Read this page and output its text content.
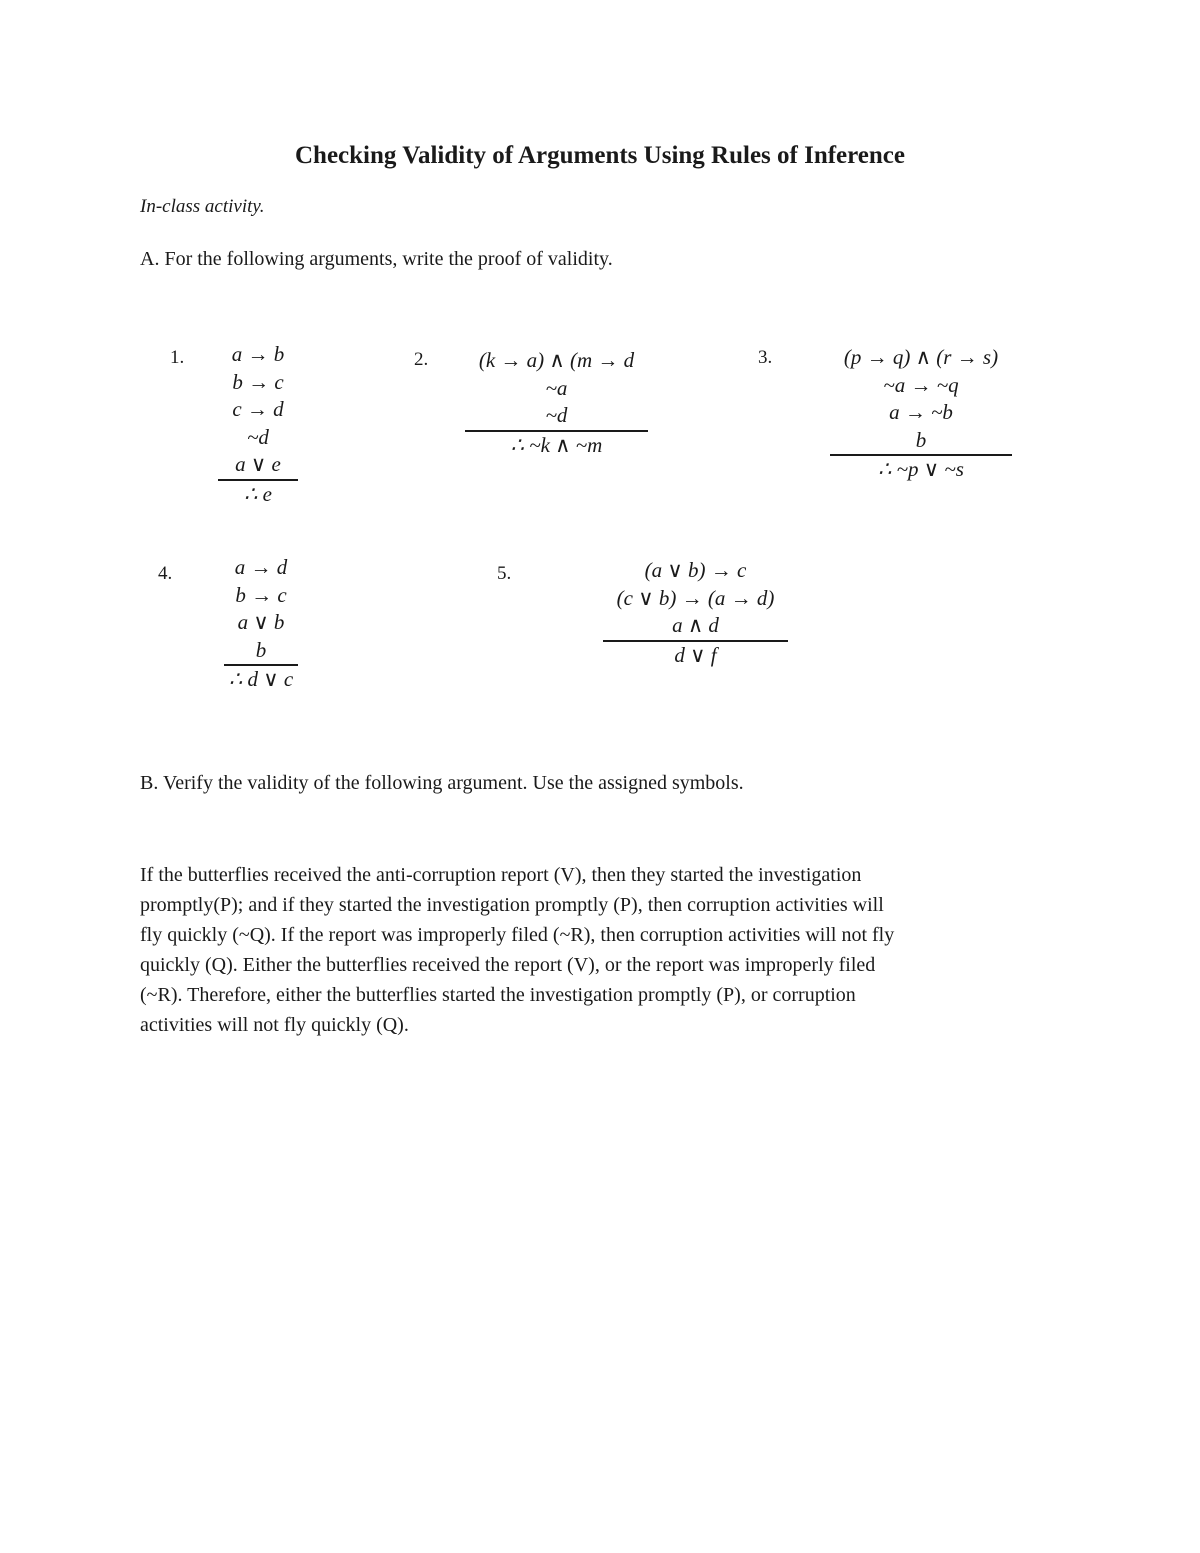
Checking Validity of Arguments Using Rules of Inference
In-class activity.
A. For the following arguments, write the proof of validity.
1.	a → b
b → c
c → d
~d
a ∨ e
∴ e
2.	(k → a) ∧ (m → d
~a
~d
∴ ~k ∧ ~m
3.	(p → q) ∧ (r → s)
~a → ~q
a → ~b
b
∴ ~p ∨ ~s
4.	a → d
b → c
a ∨ b
b
∴ d ∨ c
5.	(a ∨ b) → c
(c ∨ b) → (a → d)
a ∧ d
d ∨ f
B. Verify the validity of the following argument. Use the assigned symbols.
If the butterflies received the anti-corruption report (V), then they started the investigation
promptly(P); and if they started the investigation promptly (P), then corruption activities will
fly quickly (~Q). If the report was improperly filed (~R), then corruption activities will not fly
quickly (Q). Either the butterflies received the report (V), or the report was improperly filed
(~R). Therefore, either the butterflies started the investigation promptly (P), or corruption
activities will not fly quickly (Q).
